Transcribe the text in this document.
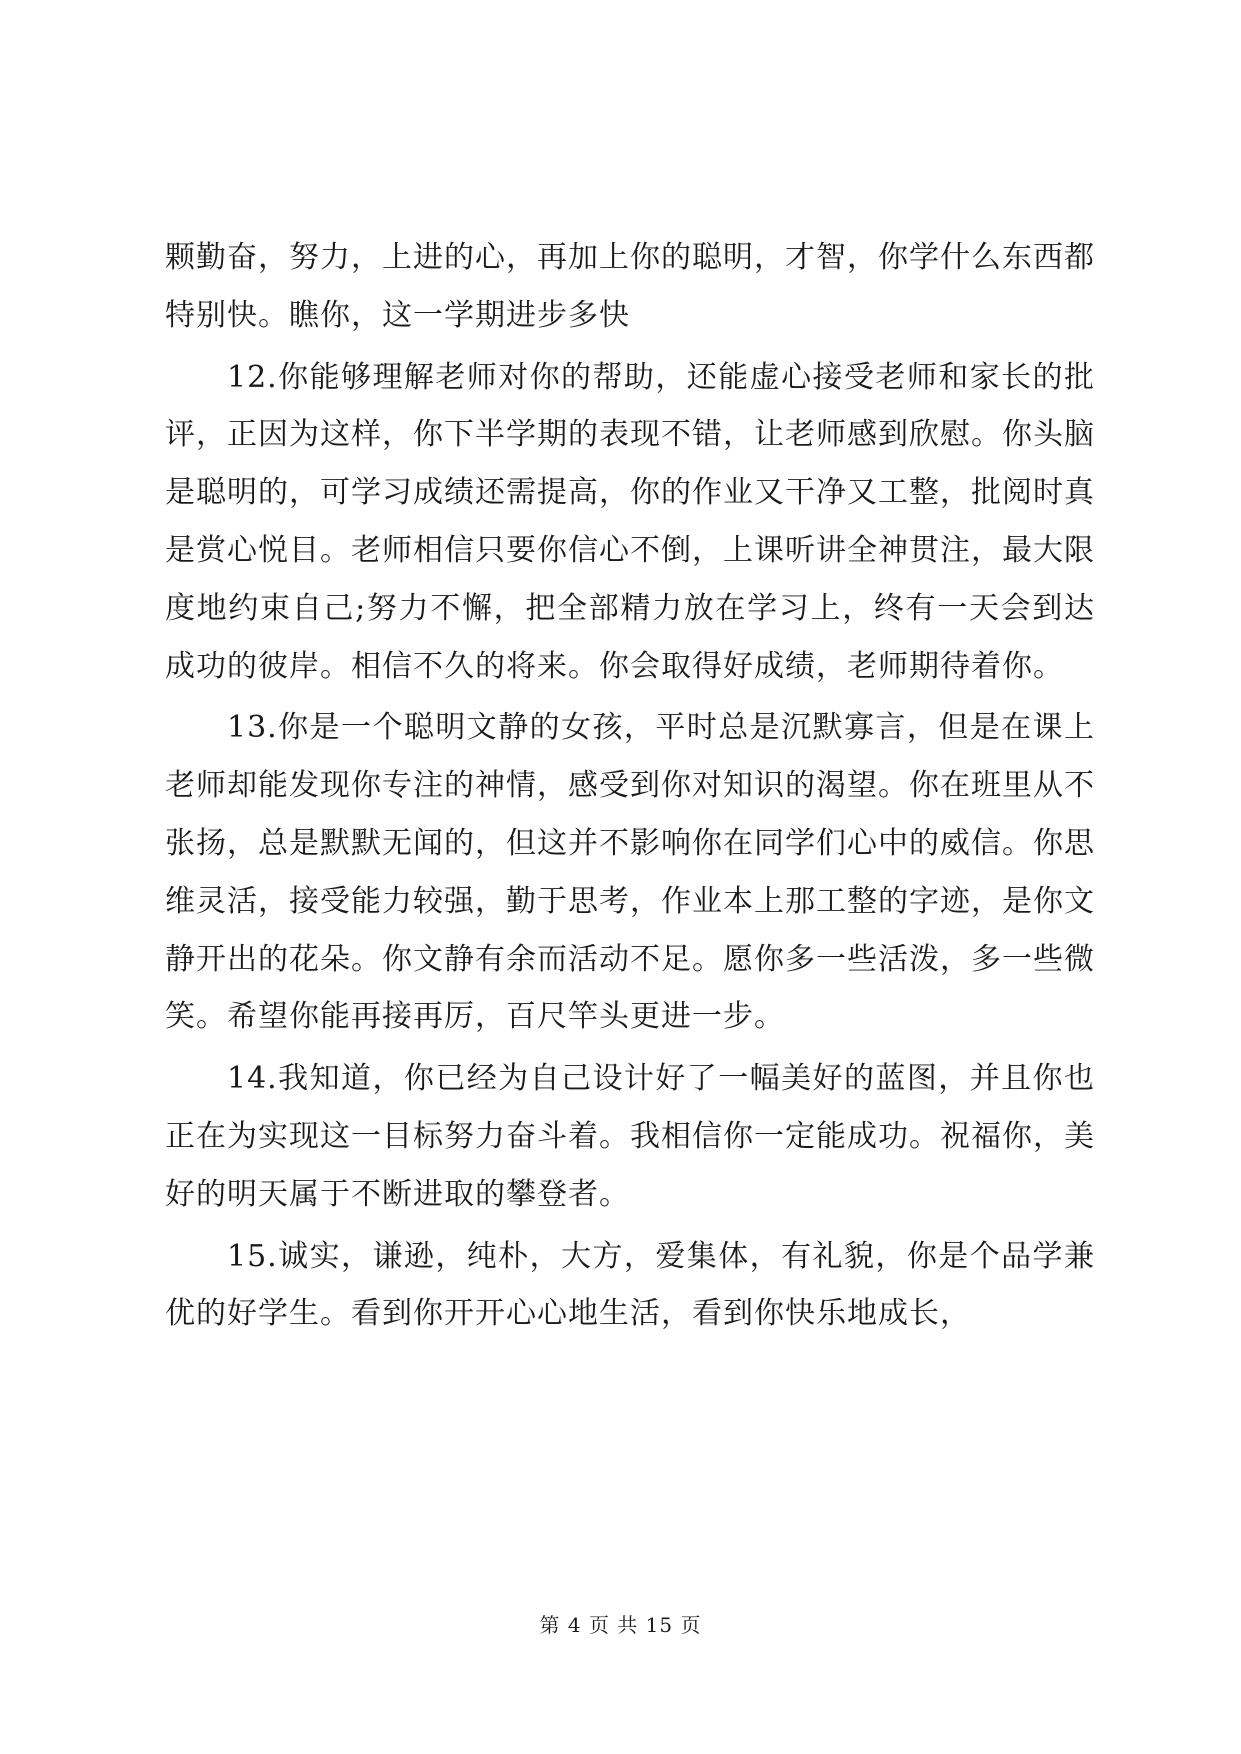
颗勤奋，努力，上进的心，再加上你的聪明，才智，你学什么东西都特别快。瞧你，这一学期进步多快

12.你能够理解老师对你的帮助，还能虚心接受老师和家长的批评，正因为这样，你下半学期的表现不错，让老师感到欣慰。你头脑是聪明的，可学习成绩还需提高，你的作业又干净又工整，批阅时真是赏心悦目。老师相信只要你信心不倒，上课听讲全神贯注，最大限度地约束自己;努力不懈，把全部精力放在学习上，终有一天会到达成功的彼岸。相信不久的将来。你会取得好成绩，老师期待着你。

13.你是一个聪明文静的女孩，平时总是沉默寡言，但是在课上老师却能发现你专注的神情，感受到你对知识的渴望。你在班里从不张扬，总是默默无闻的，但这并不影响你在同学们心中的威信。你思维灵活，接受能力较强，勤于思考，作业本上那工整的字迹，是你文静开出的花朵。你文静有余而活动不足。愿你多一些活泼，多一些微笑。希望你能再接再厉，百尺竿头更进一步。

14.我知道，你已经为自己设计好了一幅美好的蓝图，并且你也正在为实现这一目标努力奋斗着。我相信你一定能成功。祝福你，美好的明天属于不断进取的攀登者。

15.诚实，谦逊，纯朴，大方，爱集体，有礼貌，你是个品学兼优的好学生。看到你开开心心地生活，看到你快乐地成长，

第 4 页 共 15 页
